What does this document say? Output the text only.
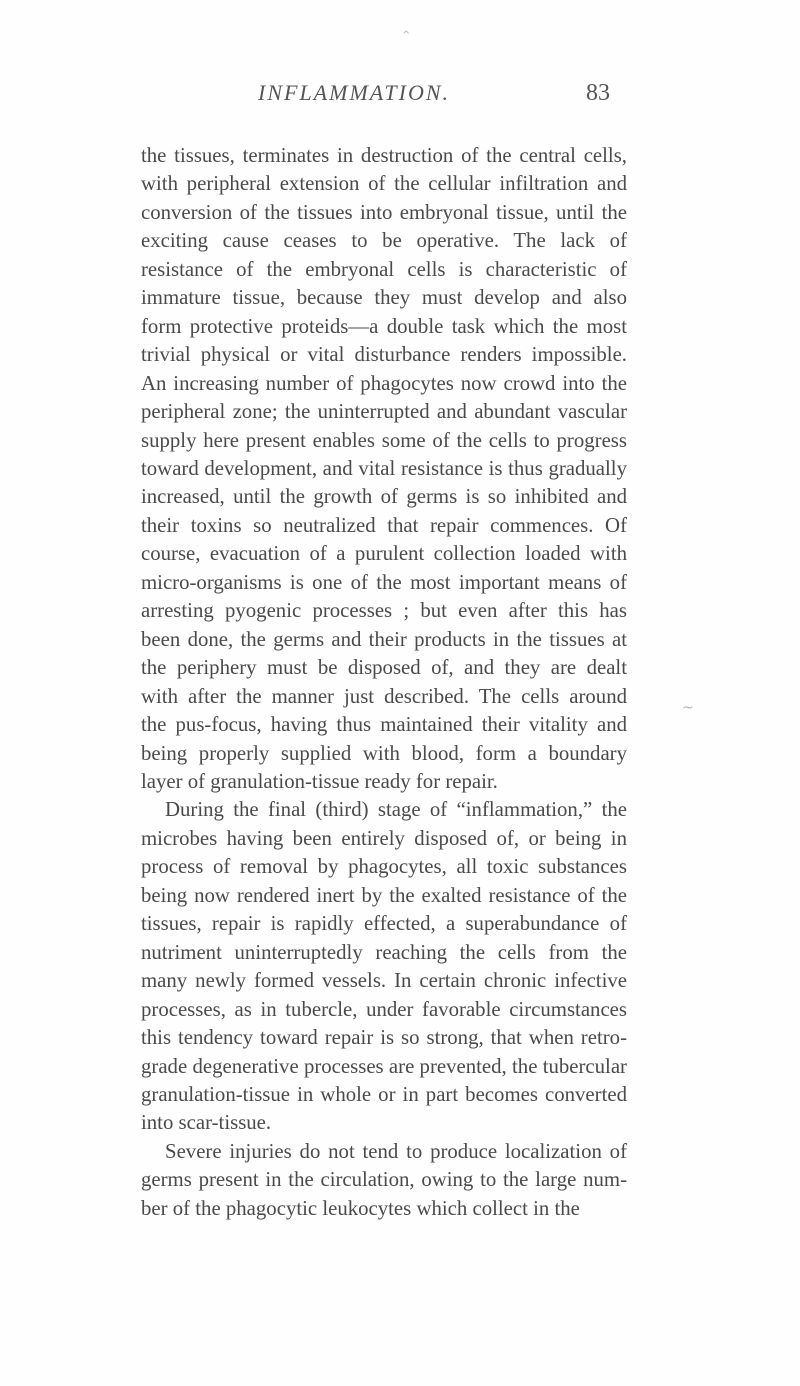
^
~
INFLAMMATION.	83
the tissues, terminates in destruction of the central cells,
with peripheral extension of the cellular infiltration and
conversion of the tissues into embryonal tissue, until the
exciting cause ceases to be operative. The lack of
resistance of the embryonal cells is characteristic of
immature tissue, because they must develop and also
form protective proteids—a double task which the most
trivial physical or vital disturbance renders impossible.
An increasing number of phagocytes now crowd into the
peripheral zone; the uninterrupted and abundant vascular
supply here present enables some of the cells to progress
toward development, and vital resistance is thus gradually
increased, until the growth of germs is so inhibited and
their toxins so neutralized that repair commences. Of
course, evacuation of a purulent collection loaded with
micro-organisms is one of the most important means of
arresting pyogenic processes ; but even after this has
been done, the germs and their products in the tissues at
the periphery must be disposed of, and they are dealt
with after the manner just described. The cells around
the pus-focus, having thus maintained their vitality and
being properly supplied with blood, form a boundary
layer of granulation-tissue ready for repair.
During the final (third) stage of “inflammation,” the
microbes having been entirely disposed of, or being in
process of removal by phagocytes, all toxic substances
being now rendered inert by the exalted resistance of the
tissues, repair is rapidly effected, a superabundance of
nutriment uninterruptedly reaching the cells from the
many newly formed vessels. In certain chronic infective
processes, as in tubercle, under favorable circumstances
this tendency toward repair is so strong, that when retro-
grade degenerative processes are prevented, the tubercular
granulation-tissue in whole or in part becomes converted
into scar-tissue.
Severe injuries do not tend to produce localization of
germs present in the circulation, owing to the large num-
ber of the phagocytic leukocytes which collect in the
